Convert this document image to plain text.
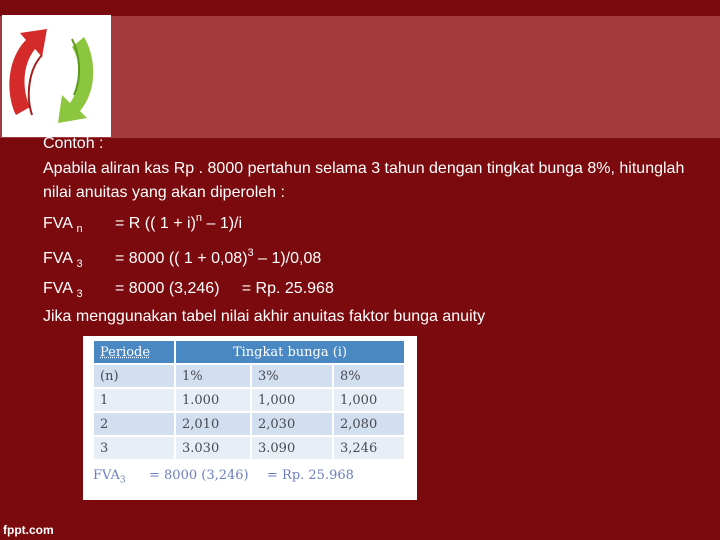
Contoh :
Apabila aliran kas Rp . 8000 pertahun selama 3 tahun dengan tingkat bunga 8%, hitunglah nilai anuitas yang akan diperoleh :
FVA $_n$ = R (( 1 + i)$^n$ – 1)/i
FVA $_3$ = 8000 (( 1 + 0,08)$^3$ – 1)/0,08
FVA $_3$ = 8000 (3,246) = Rp. 25.968
Jika menggunakan tabel nilai akhir anuitas faktor bunga anuity
Periode	Tingkat bunga (i)		
(n)	1%	3%	8%
1	1.000	1,000	1,000
2	2,010	2,030	2,080
3	3.030	3.090	3,246
$FVA_3 = 8000$ (3,246) = Rp. 25.968
fppt.com
